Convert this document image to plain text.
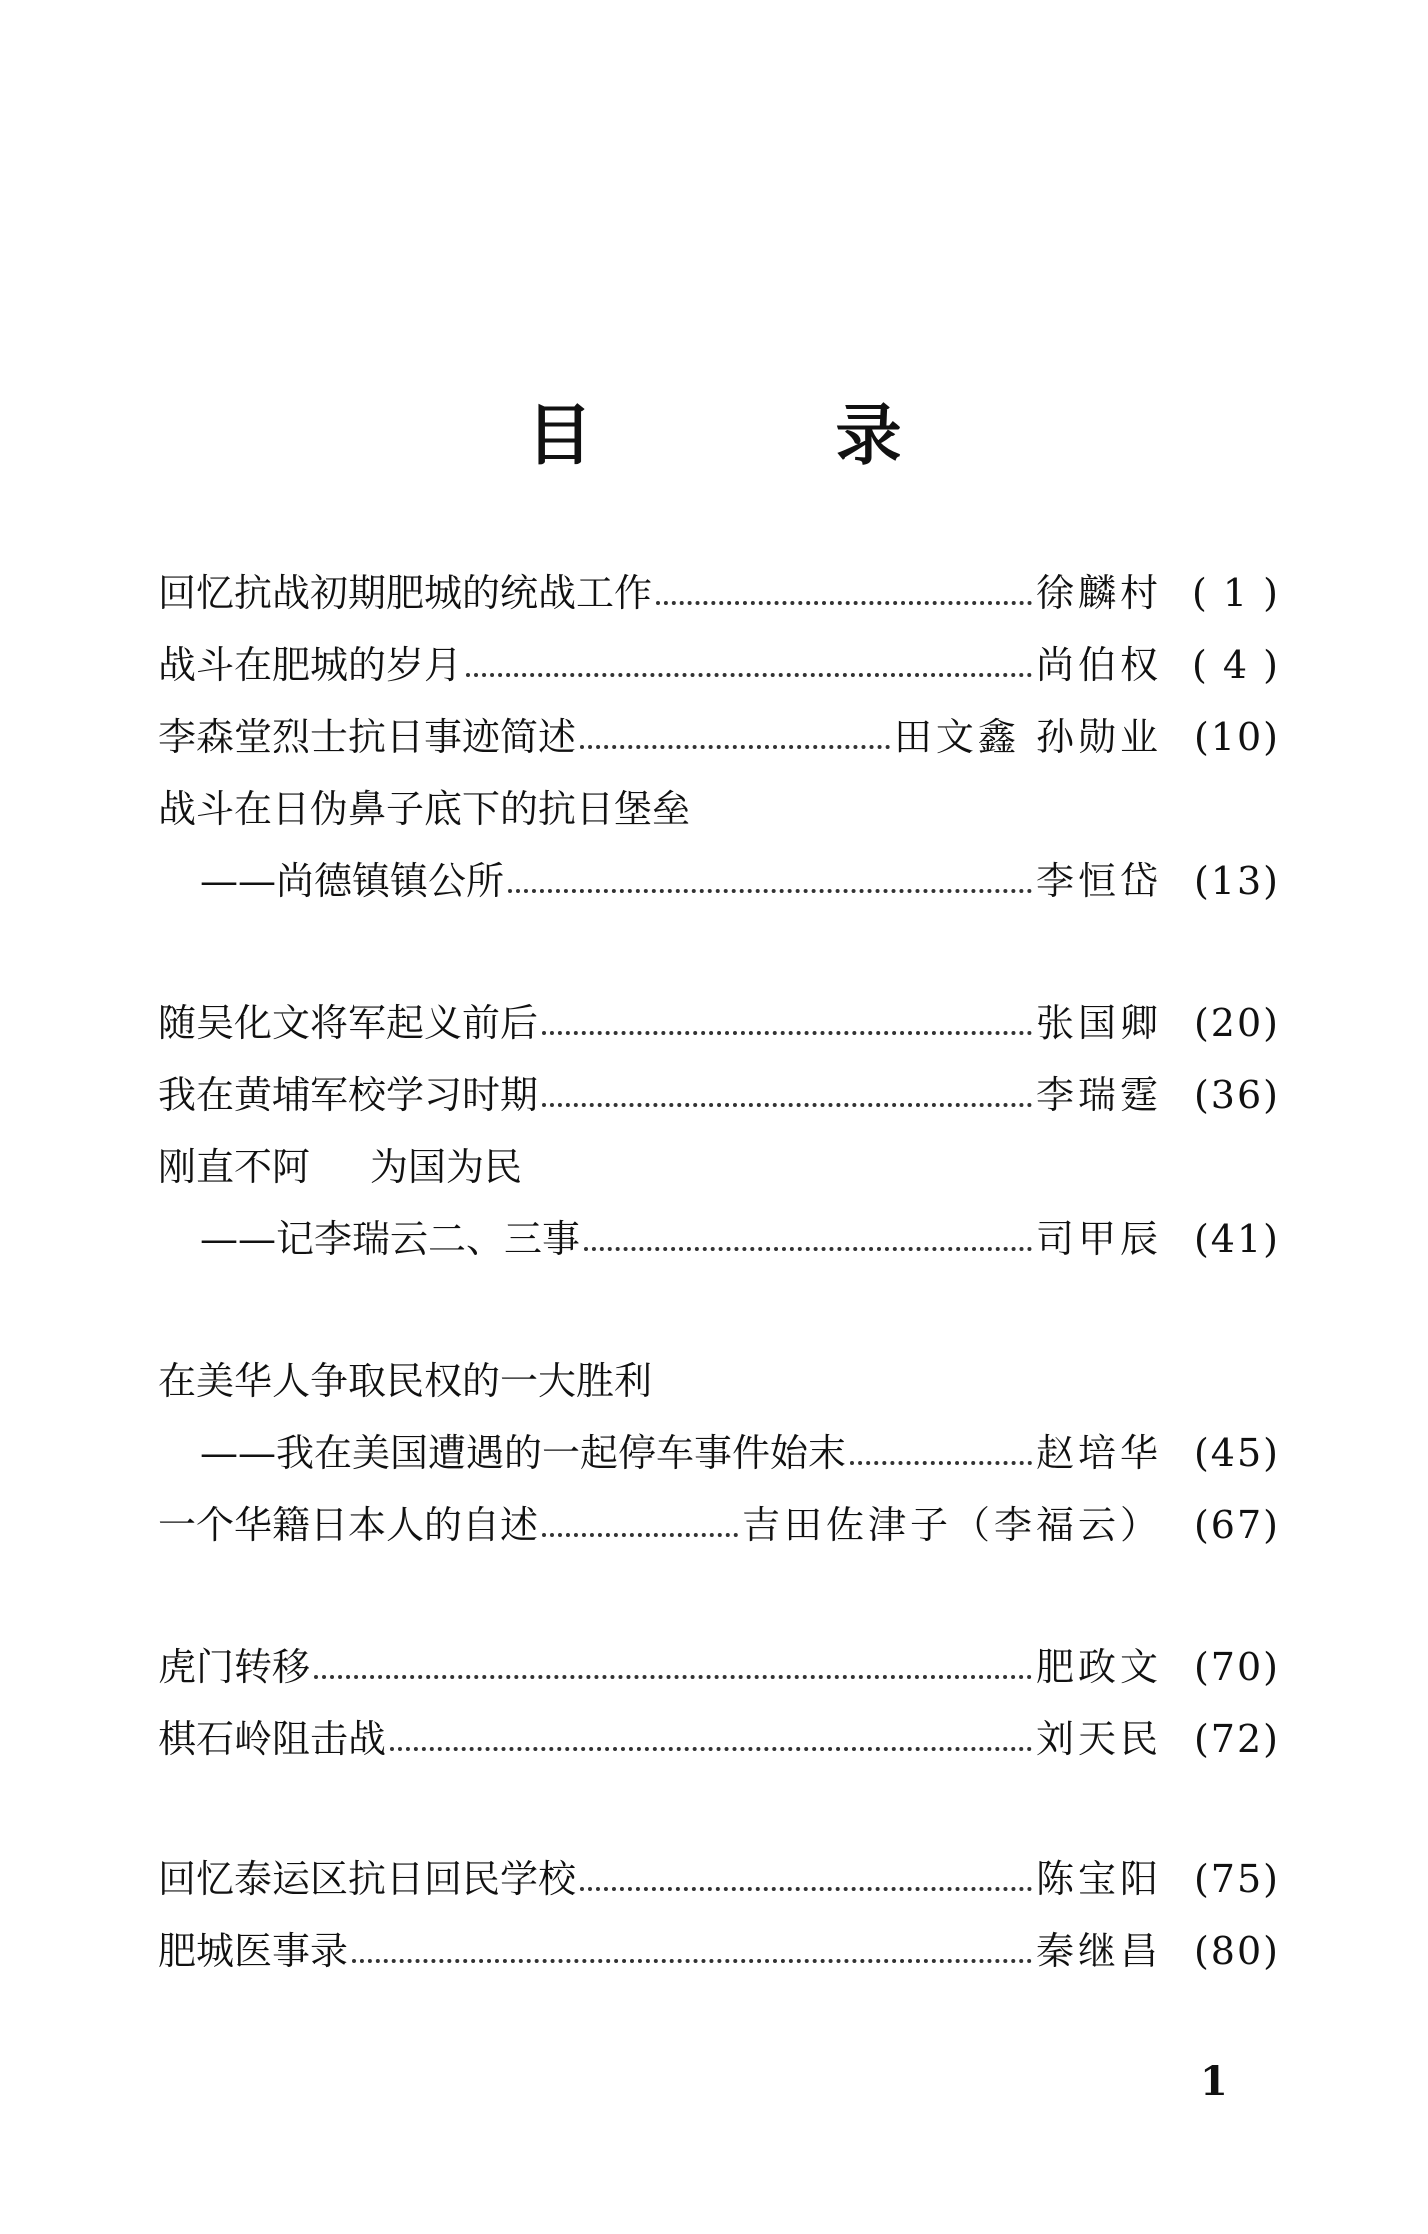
目 录
回忆抗战初期肥城的统战工作	徐麟村 ( 1 )
战斗在肥城的岁月	尚伯权 ( 4 )
李森堂烈士抗日事迹简述	田文鑫 孙勋业 (10)
战斗在日伪鼻子底下的抗日堡垒
——尚德镇镇公所	李恒岱 (13)
随吴化文将军起义前后	张国卿 (20)
我在黄埔军校学习时期	李瑞霆 (36)
刚直不阿 为国为民
——记李瑞云二、三事	司甲辰 (41)
在美华人争取民权的一大胜利
——我在美国遭遇的一起停车事件始末	赵培华 (45)
一个华籍日本人的自述	吉田佐津子（李福云） (67)
虎门转移	肥政文 (70)
棋石岭阻击战	刘天民 (72)
回忆泰运区抗日回民学校	陈宝阳 (75)
肥城医事录	秦继昌 (80)
1
